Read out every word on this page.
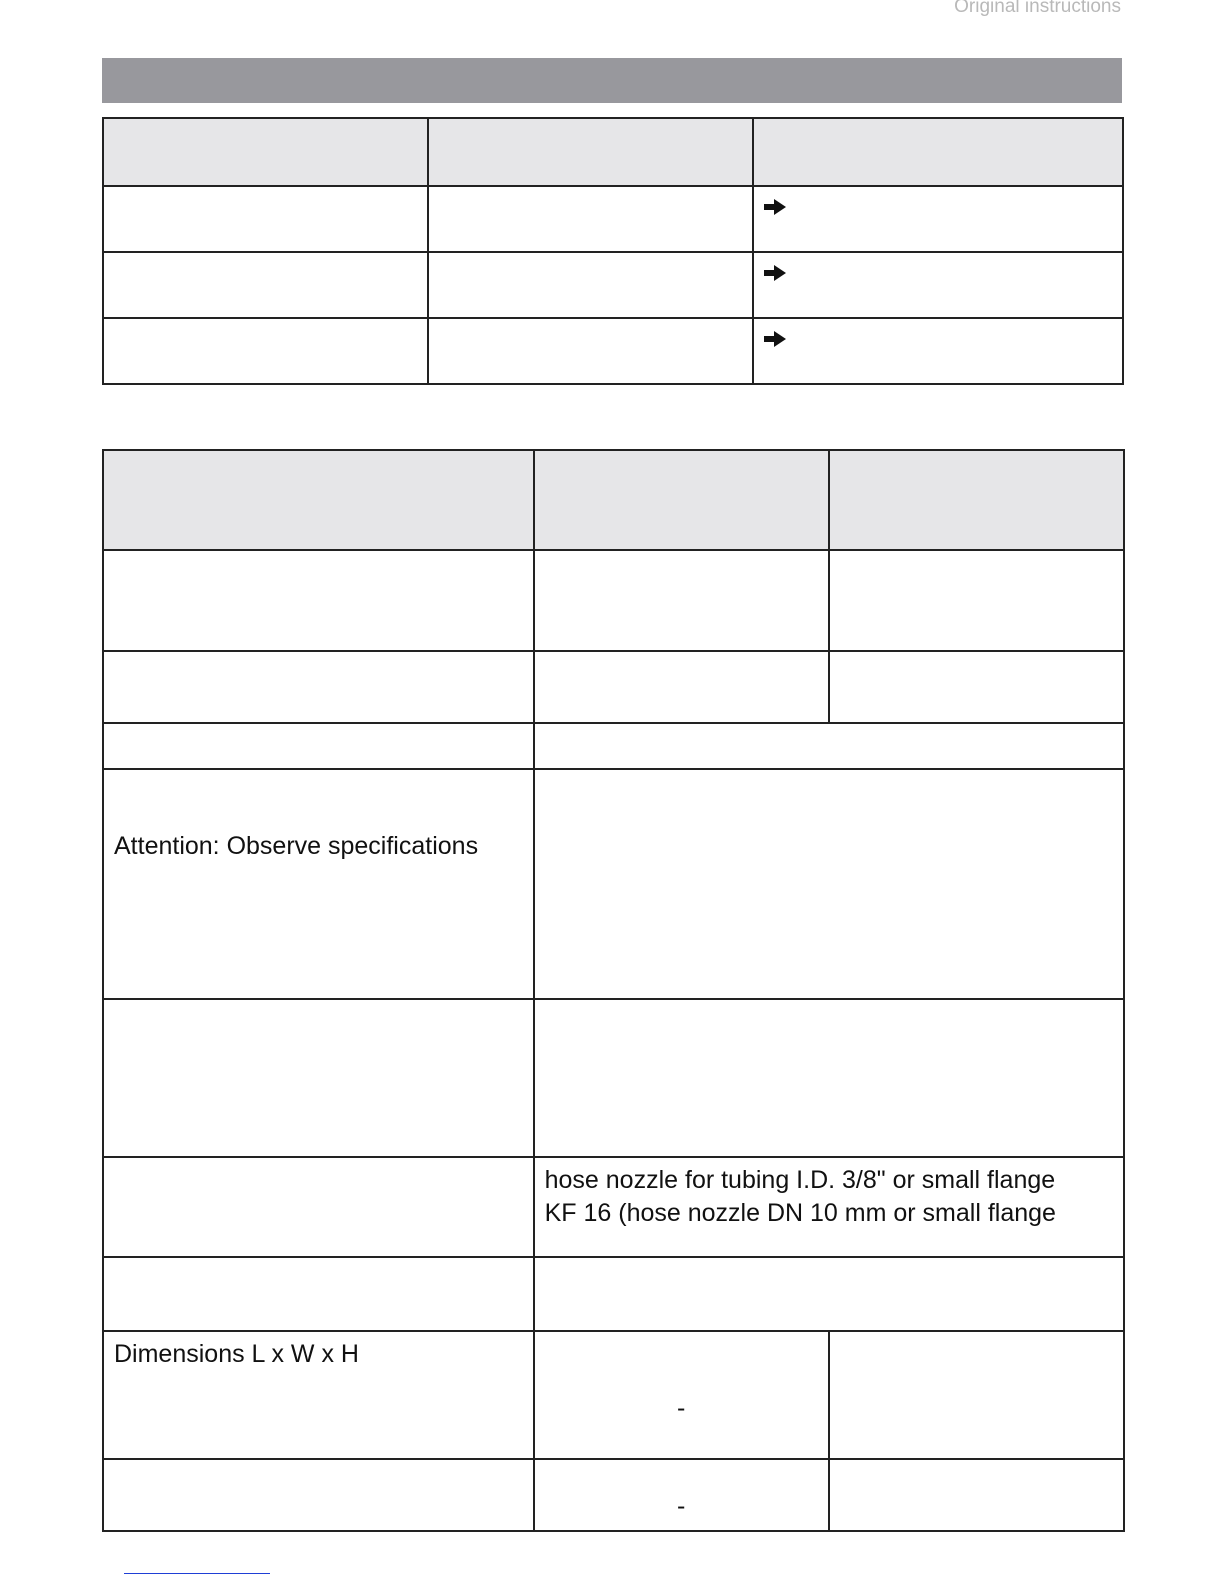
Original instructions

Attention: Observe specifications		

	hose nozzle for tubing I.D. 3/8" or small flange
KF 16 (hose nozzle DN 10 mm or small flange	

Dimensions L x W x H	-	

	-	
